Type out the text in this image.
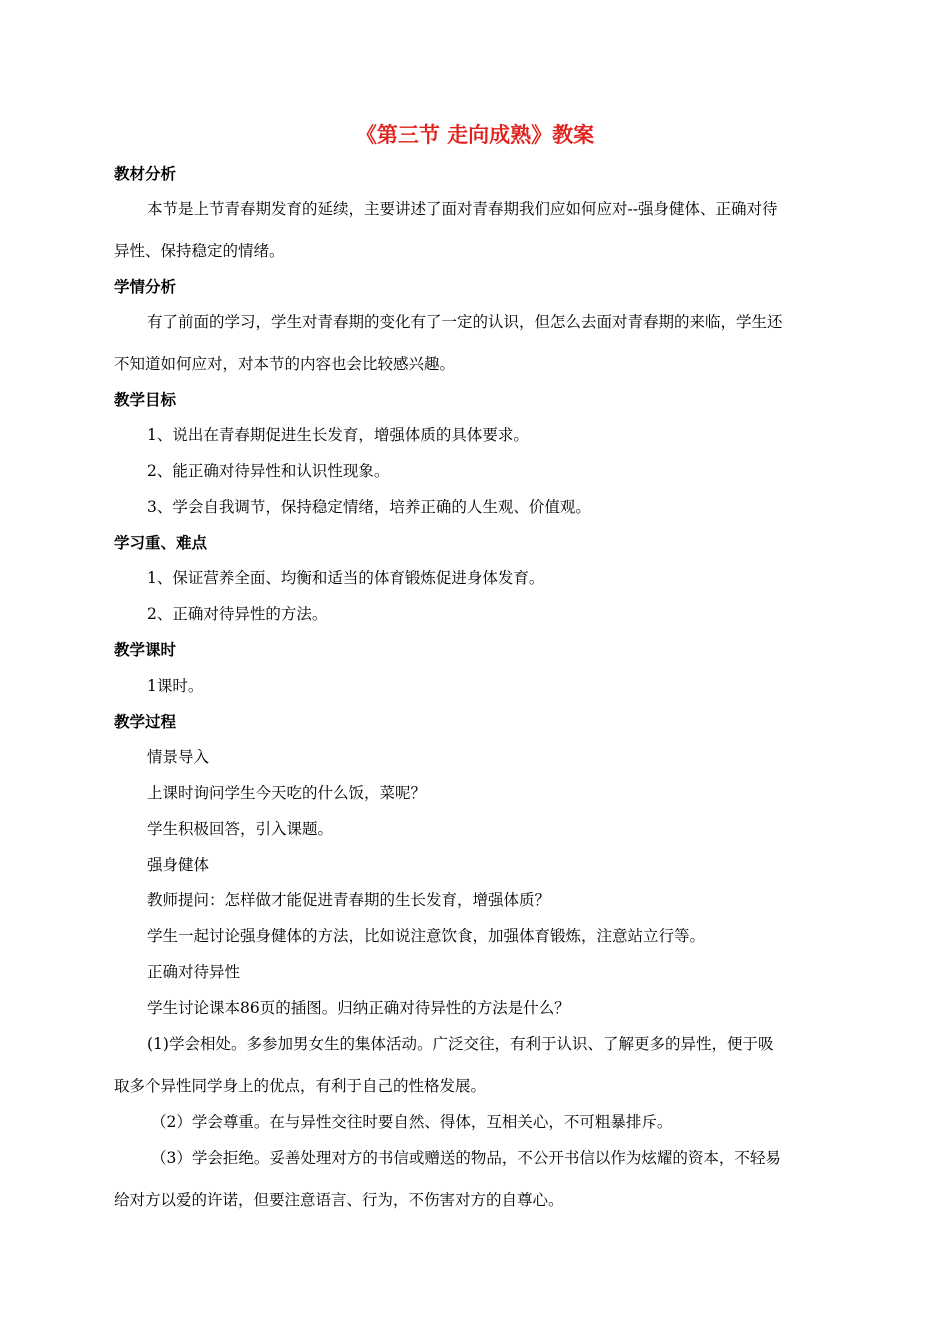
《第三节 走向成熟》教案
教材分析
本节是上节青春期发育的延续，主要讲述了面对青春期我们应如何应对--强身健体、正确对待
异性、保持稳定的情绪。
学情分析
有了前面的学习，学生对青春期的变化有了一定的认识，但怎么去面对青春期的来临，学生还
不知道如何应对，对本节的内容也会比较感兴趣。
教学目标
1、说出在青春期促进生长发育，增强体质的具体要求。
2、能正确对待异性和认识性现象。
3、学会自我调节，保持稳定情绪，培养正确的人生观、价值观。
学习重、难点
1、保证营养全面、均衡和适当的体育锻炼促进身体发育。
2、正确对待异性的方法。
教学课时
1课时。
教学过程
情景导入
上课时询问学生今天吃的什么饭，菜呢？
学生积极回答，引入课题。
强身健体
教师提问：怎样做才能促进青春期的生长发育，增强体质？
学生一起讨论强身健体的方法，比如说注意饮食，加强体育锻炼，注意站立行等。
正确对待异性
学生讨论课本86页的插图。归纳正确对待异性的方法是什么？
(1)学会相处。多参加男女生的集体活动。广泛交往，有利于认识、了解更多的异性，便于吸
取多个异性同学身上的优点，有利于自己的性格发展。
（2）学会尊重。在与异性交往时要自然、得体，互相关心，不可粗暴排斥。
（3）学会拒绝。妥善处理对方的书信或赠送的物品，不公开书信以作为炫耀的资本，不轻易
给对方以爱的许诺，但要注意语言、行为，不伤害对方的自尊心。
